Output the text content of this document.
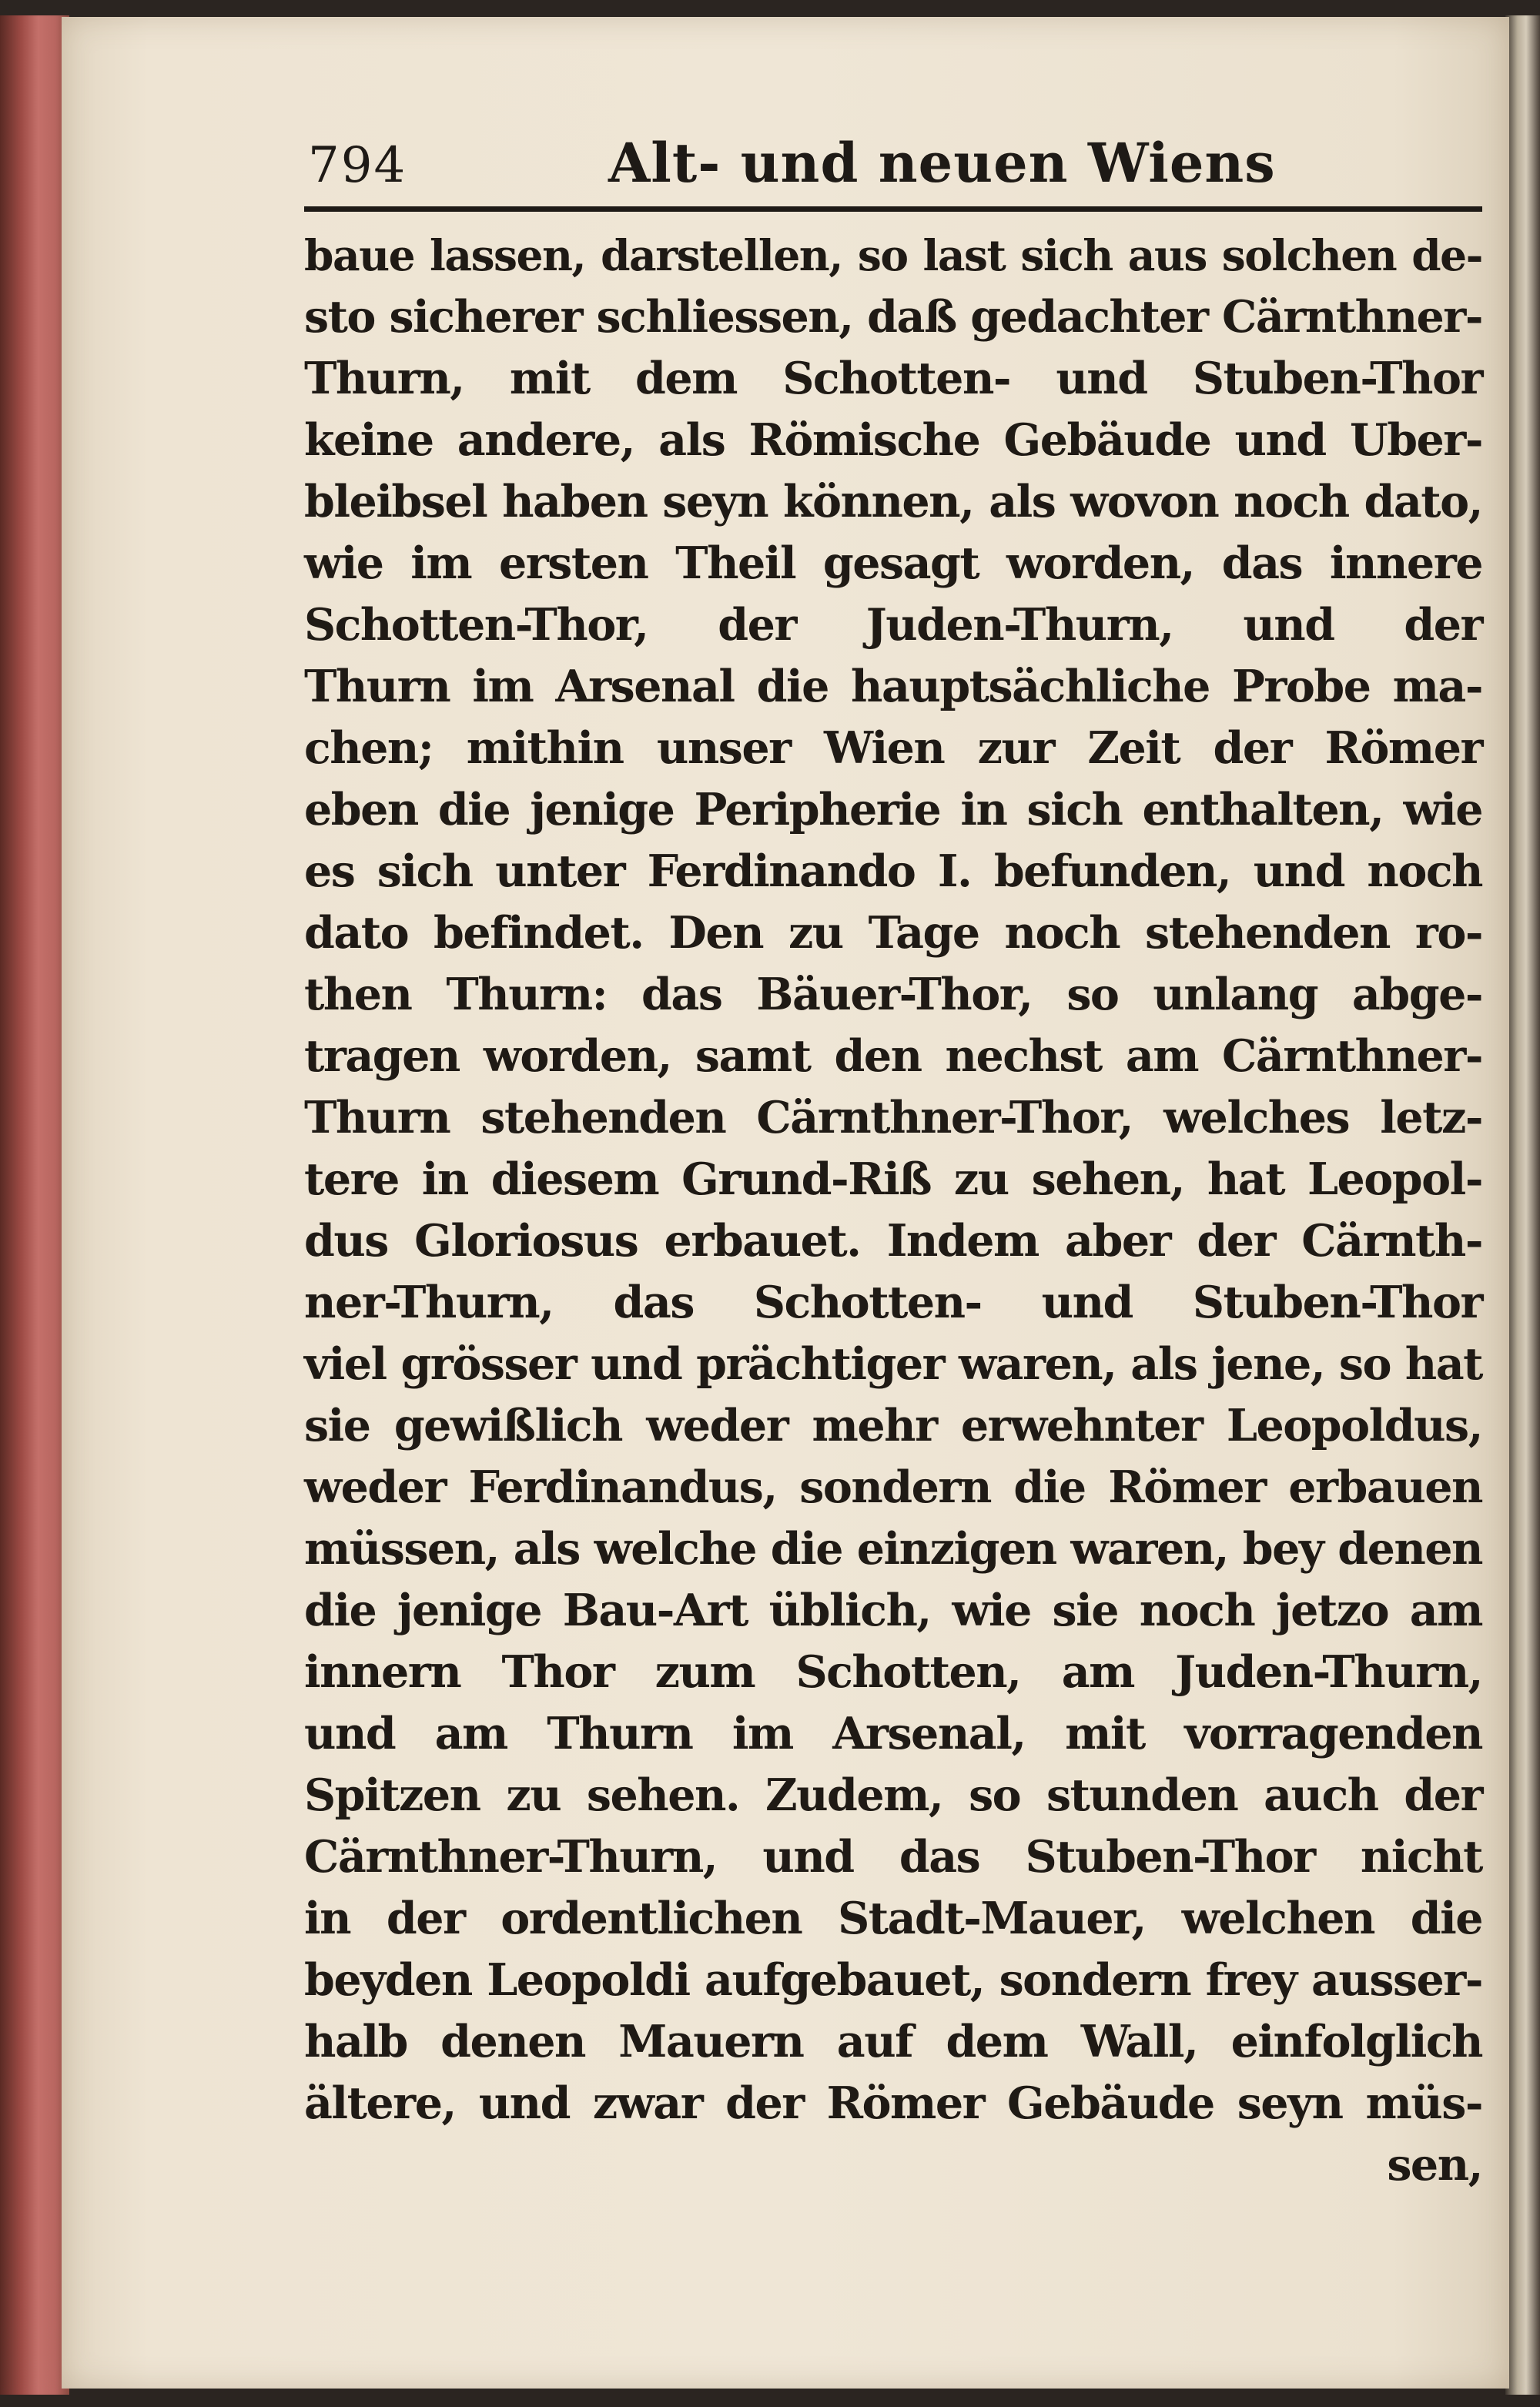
794	Alt- und neuen Wiens
baue lassen, darstellen, so last sich aus solchen de-
sto sicherer schliessen, daß gedachter Cärnthner-
Thurn, mit dem Schotten- und Stuben-Thor
keine andere, als Römische Gebäude und Uber-
bleibsel haben seyn können, als wovon noch dato,
wie im ersten Theil gesagt worden, das innere
Schotten-Thor, der Juden-Thurn, und der
Thurn im Arsenal die hauptsächliche Probe ma-
chen; mithin unser Wien zur Zeit der Römer
eben die jenige Peripherie in sich enthalten, wie
es sich unter Ferdinando I. befunden, und noch
dato befindet. Den zu Tage noch stehenden ro-
then Thurn: das Bäuer-Thor, so unlang abge-
tragen worden, samt den nechst am Cärnthner-
Thurn stehenden Cärnthner-Thor, welches letz-
tere in diesem Grund-Riß zu sehen, hat Leopol-
dus Gloriosus erbauet. Indem aber der Cärnth-
ner-Thurn, das Schotten- und Stuben-Thor
viel grösser und prächtiger waren, als jene, so hat
sie gewißlich weder mehr erwehnter Leopoldus,
weder Ferdinandus, sondern die Römer erbauen
müssen, als welche die einzigen waren, bey denen
die jenige Bau-Art üblich, wie sie noch jetzo am
innern Thor zum Schotten, am Juden-Thurn,
und am Thurn im Arsenal, mit vorragenden
Spitzen zu sehen. Zudem, so stunden auch der
Cärnthner-Thurn, und das Stuben-Thor nicht
in der ordentlichen Stadt-Mauer, welchen die
beyden Leopoldi aufgebauet, sondern frey ausser-
halb denen Mauern auf dem Wall, einfolglich
ältere, und zwar der Römer Gebäude seyn müs-
sen,
